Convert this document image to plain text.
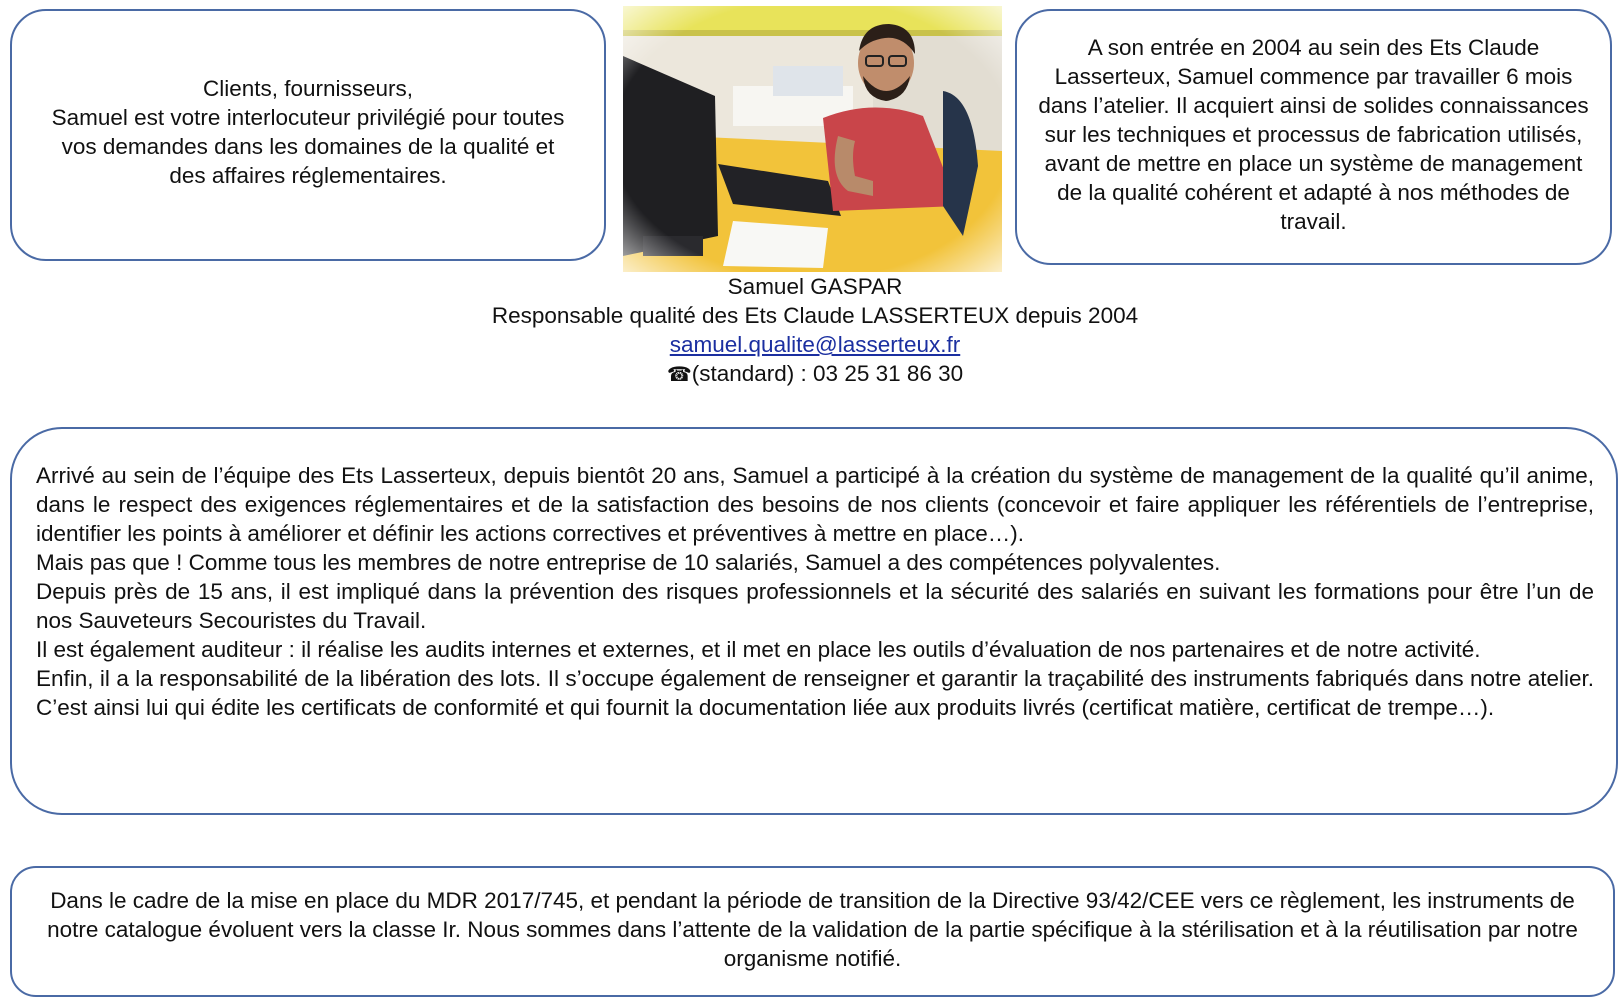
Clients, fournisseurs,
Samuel est votre interlocuteur privilégié pour toutes vos demandes dans les domaines de la qualité et des affaires réglementaires.
A son entrée en 2004 au sein des Ets Claude Lasserteux, Samuel commence par travailler 6 mois dans l’atelier. Il acquiert ainsi de solides connaissances sur les techniques et processus de fabrication utilisés, avant de mettre en place un système de management de la qualité cohérent et adapté à nos méthodes de travail.
Samuel GASPAR
Responsable qualité des Ets Claude LASSERTEUX depuis 2004
samuel.qualite@lasserteux.fr
☎(standard) : 03 25 31 86 30

Arrivé au sein de l’équipe des Ets Lasserteux, depuis bientôt 20 ans, Samuel a participé à la création du système de management de la qualité qu’il anime, dans le respect des exigences réglementaires et de la satisfaction des besoins de nos clients (concevoir et faire appliquer les référentiels de l’entreprise, identifier les points à améliorer et définir les actions correctives et préventives à mettre en place…).

Mais pas que ! Comme tous les membres de notre entreprise de 10 salariés, Samuel a des compétences polyvalentes.

Depuis près de 15 ans, il est impliqué dans la prévention des risques professionnels et la sécurité des salariés en suivant les formations pour être l’un de nos Sauveteurs Secouristes du Travail.

Il est également auditeur : il réalise les audits internes et externes, et il met en place les outils d’évaluation de nos partenaires et de notre activité.

Enfin, il a la responsabilité de la libération des lots. Il s’occupe également de renseigner et garantir la traçabilité des instruments fabriqués dans notre atelier. C’est ainsi lui qui édite les certificats de conformité et qui fournit la documentation liée aux produits livrés (certificat matière, certificat de trempe…).

Dans le cadre de la mise en place du MDR 2017/745, et pendant la période de transition de la Directive 93/42/CEE vers ce règlement, les instruments de notre catalogue évoluent vers la classe Ir. Nous sommes dans l’attente de la validation de la partie spécifique à la stérilisation et à la réutilisation par notre organisme notifié.
